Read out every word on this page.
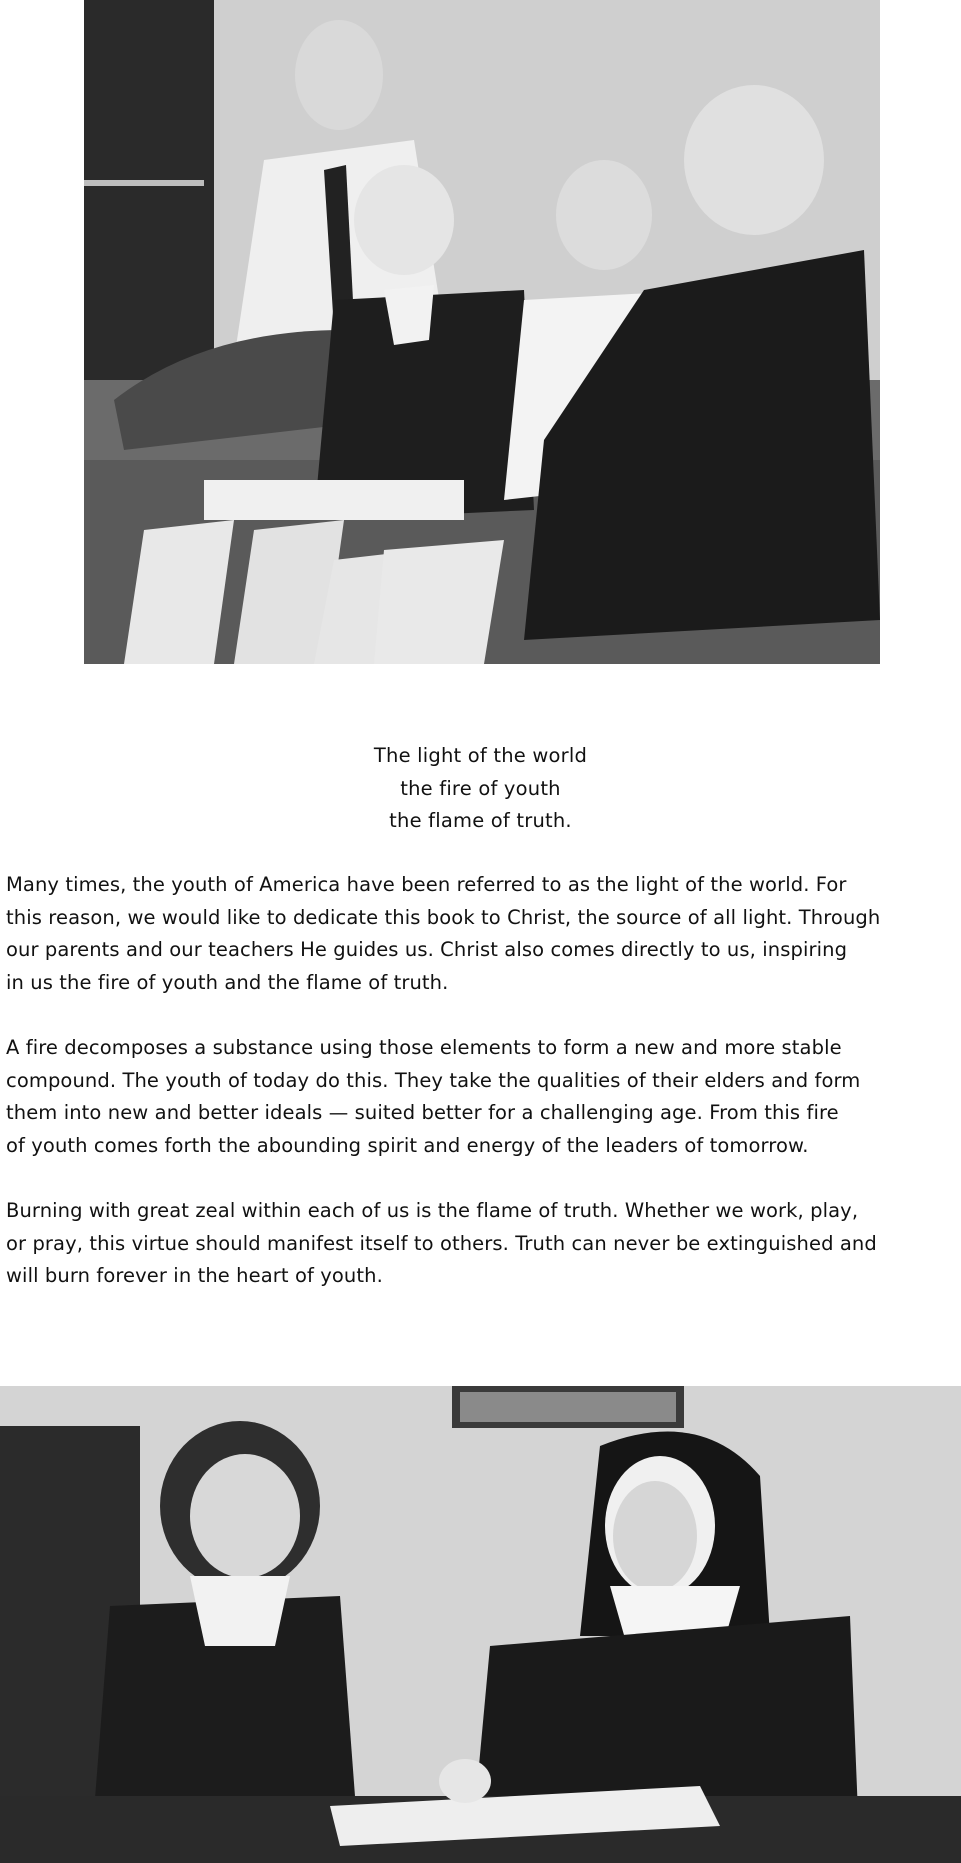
The light of the world
the fire of youth
the flame of truth.
Many times, the youth of America have been referred to as the light of the world. For
this reason, we would like to dedicate this book to Christ, the source of all light. Through
our parents and our teachers He guides us. Christ also comes directly to us, inspiring
in us the fire of youth and the flame of truth.
A fire decomposes a substance using those elements to form a new and more stable
compound. The youth of today do this. They take the qualities of their elders and form
them into new and better ideals — suited better for a challenging age. From this fire
of youth comes forth the abounding spirit and energy of the leaders of tomorrow.
Burning with great zeal within each of us is the flame of truth. Whether we work, play,
or pray, this virtue should manifest itself to others. Truth can never be extinguished and
will burn forever in the heart of youth.
